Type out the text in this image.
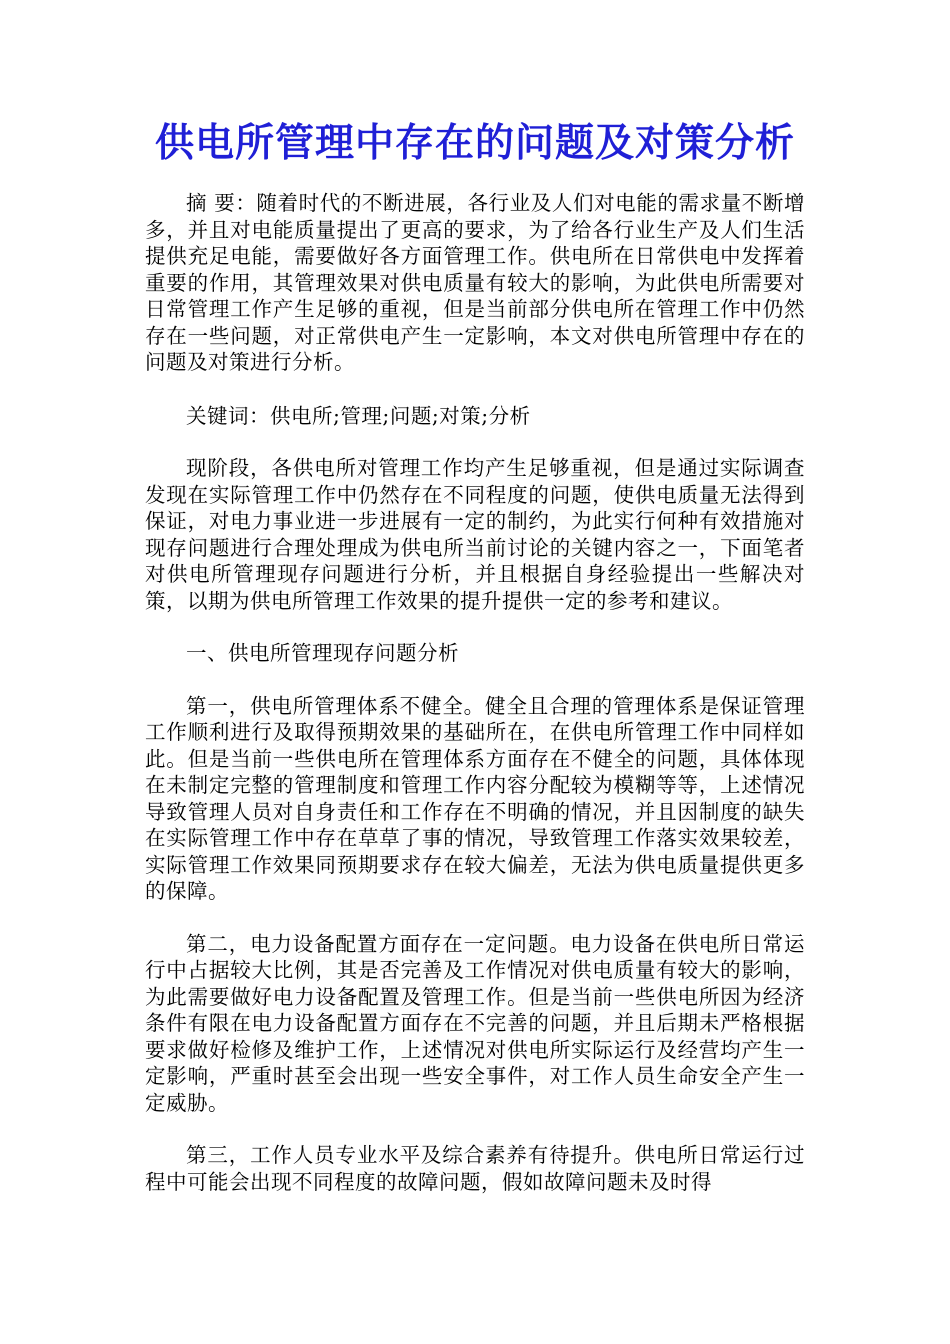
供电所管理中存在的问题及对策分析

摘 要：随着时代的不断进展，各行业及人们对电能的需求量不断增多，并且对电能质量提出了更高的要求，为了给各行业生产及人们生活提供充足电能，需要做好各方面管理工作。供电所在日常供电中发挥着重要的作用，其管理效果对供电质量有较大的影响，为此供电所需要对日常管理工作产生足够的重视，但是当前部分供电所在管理工作中仍然存在一些问题，对正常供电产生一定影响，本文对供电所管理中存在的问题及对策进行分析。

关键词：供电所;管理;问题;对策;分析

现阶段，各供电所对管理工作均产生足够重视，但是通过实际调查发现在实际管理工作中仍然存在不同程度的问题，使供电质量无法得到保证，对电力事业进一步进展有一定的制约，为此实行何种有效措施对现存问题进行合理处理成为供电所当前讨论的关键内容之一，下面笔者对供电所管理现存问题进行分析，并且根据自身经验提出一些解决对策，以期为供电所管理工作效果的提升提供一定的参考和建议。

一、供电所管理现存问题分析

第一，供电所管理体系不健全。健全且合理的管理体系是保证管理工作顺利进行及取得预期效果的基础所在，在供电所管理工作中同样如此。但是当前一些供电所在管理体系方面存在不健全的问题，具体体现在未制定完整的管理制度和管理工作内容分配较为模糊等等，上述情况导致管理人员对自身责任和工作存在不明确的情况，并且因制度的缺失在实际管理工作中存在草草了事的情况，导致管理工作落实效果较差，实际管理工作效果同预期要求存在较大偏差，无法为供电质量提供更多的保障。

第二，电力设备配置方面存在一定问题。电力设备在供电所日常运行中占据较大比例，其是否完善及工作情况对供电质量有较大的影响，为此需要做好电力设备配置及管理工作。但是当前一些供电所因为经济条件有限在电力设备配置方面存在不完善的问题，并且后期未严格根据要求做好检修及维护工作，上述情况对供电所实际运行及经营均产生一定影响，严重时甚至会出现一些安全事件，对工作人员生命安全产生一定威胁。

第三，工作人员专业水平及综合素养有待提升。供电所日常运行过程中可能会出现不同程度的故障问题，假如故障问题未及时得
